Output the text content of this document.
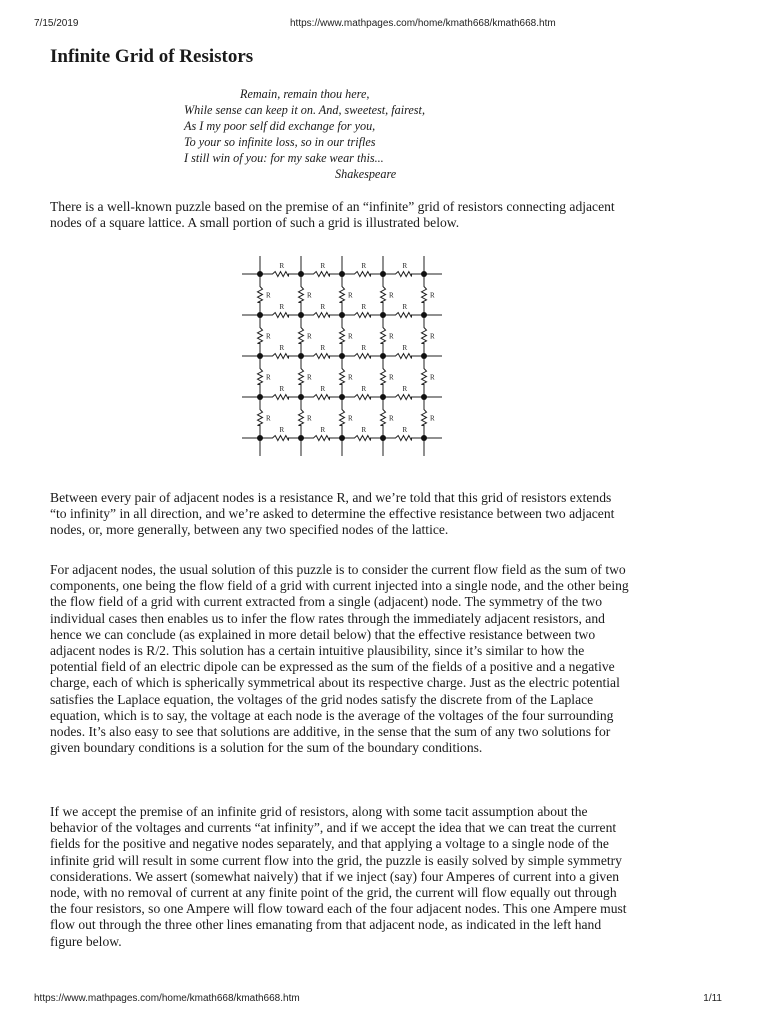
7/15/2019	https://www.mathpages.com/home/kmath668/kmath668.htm
Infinite Grid of Resistors
Remain, remain thou here,
While sense can keep it on. And, sweetest, fairest,
As I my poor self did exchange for you,
To your so infinite loss, so in our trifles
I still win of you: for my sake wear this...
Shakespeare

There is a well-known puzzle based on the premise of an “infinite” grid of resistors connecting adjacent nodes of a square lattice. A small portion of such a grid is illustrated below.

R	R	R	R
R	R	R	R
R	R	R	R
R	R	R	R
R	R	R	R
R
R
R
R
R
R
R
R
R
R
R
R
R
R
R
R
R
R
R
R

Between every pair of adjacent nodes is a resistance R, and we’re told that this grid of resistors extends “to infinity” in all direction, and we’re asked to determine the effective resistance between two adjacent nodes, or, more generally, between any two specified nodes of the lattice.

For adjacent nodes, the usual solution of this puzzle is to consider the current flow field as the sum of two components, one being the flow field of a grid with current injected into a single node, and the other being the flow field of a grid with current extracted from a single (adjacent) node. The symmetry of the two individual cases then enables us to infer the flow rates through the immediately adjacent resistors, and hence we can conclude (as explained in more detail below) that the effective resistance between two adjacent nodes is R/2. This solution has a certain intuitive plausibility, since it’s similar to how the potential field of an electric dipole can be expressed as the sum of the fields of a positive and a negative charge, each of which is spherically symmetrical about its respective charge. Just as the electric potential satisfies the Laplace equation, the voltages of the grid nodes satisfy the discrete from of the Laplace equation, which is to say, the voltage at each node is the average of the voltages of the four surrounding nodes. It’s also easy to see that solutions are additive, in the sense that the sum of any two solutions for given boundary conditions is a solution for the sum of the boundary conditions.

If we accept the premise of an infinite grid of resistors, along with some tacit assumption about the behavior of the voltages and currents “at infinity”, and if we accept the idea that we can treat the current fields for the positive and negative nodes separately, and that applying a voltage to a single node of the infinite grid will result in some current flow into the grid, the puzzle is easily solved by simple symmetry considerations. We assert (somewhat naively) that if we inject (say) four Amperes of current into a given node, with no removal of current at any finite point of the grid, the current will flow equally out through the four resistors, so one Ampere will flow toward each of the four adjacent nodes. This one Ampere must flow out through the three other lines emanating from that adjacent node, as indicated in the left hand figure below.

https://www.mathpages.com/home/kmath668/kmath668.htm	1/11
